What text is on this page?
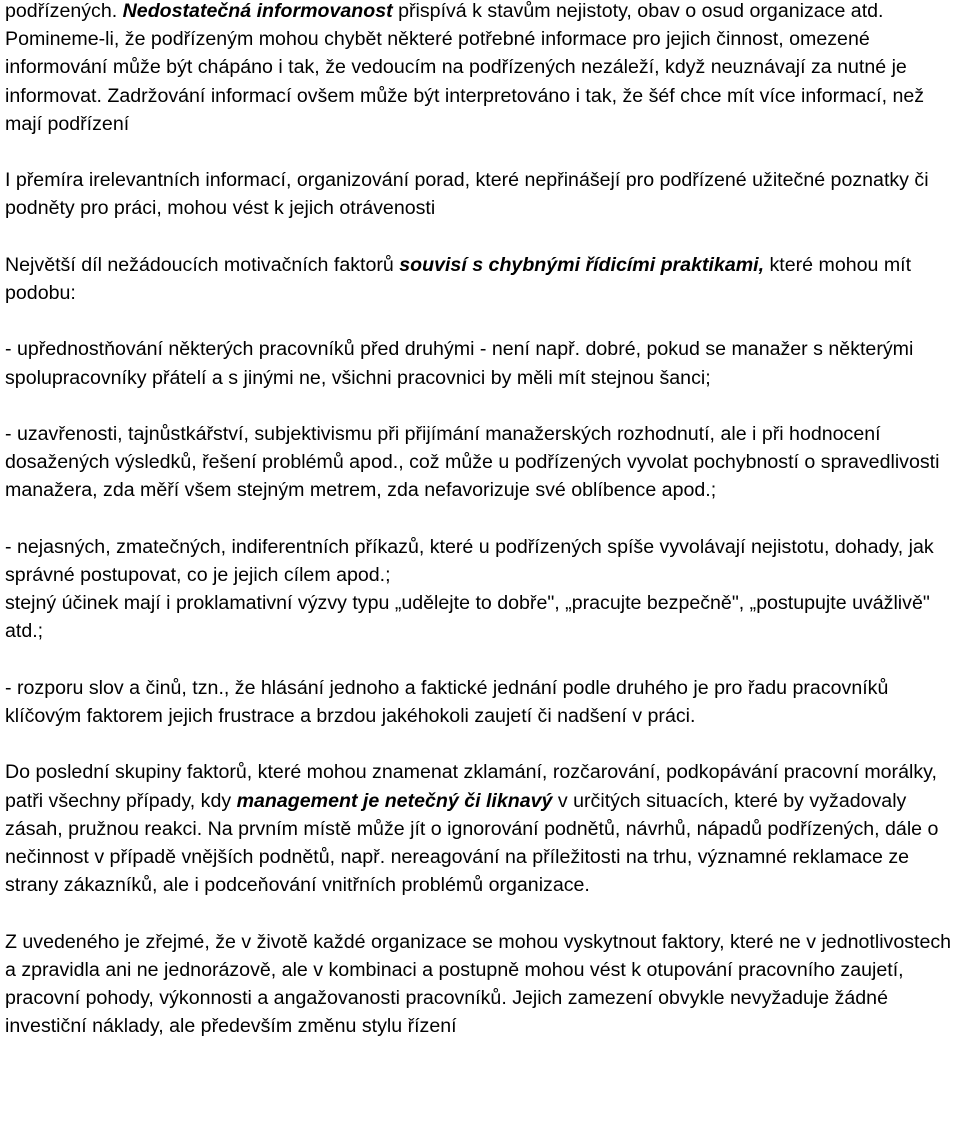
podřízených. Nedostatečná informovanost přispívá k stavům nejistoty, obav o osud organizace atd. Pomineme-li, že podřízeným mohou chybět některé potřebné informace pro jejich činnost, omezené informování může být chápáno i tak, že vedoucím na podřízených nezáleží, když neuznávají za nutné je informovat. Zadržování informací ovšem může být interpretováno i tak, že šéf chce mít více informací, než mají podřízení

I přemíra irelevantních informací, organizování porad, které nepřinášejí pro podřízené užitečné poznatky či podněty pro práci, mohou vést k jejich otrávenosti

Největší díl nežádoucích motivačních faktorů souvisí s chybnými řídicími praktikami, které mohou mít podobu:

- upřednostňování některých pracovníků před druhými - není např. dobré, pokud se manažer s některými spolupracovníky přátelí a s jinými ne, všichni pracovnici by měli mít stejnou šanci;

- uzavřenosti, tajnůstkářství, subjektivismu při přijímání manažerských rozhodnutí, ale i při hodnocení dosažených výsledků, řešení problémů apod., což může u podřízených vyvolat pochybností o spravedlivosti manažera, zda měří všem stejným metrem, zda nefavorizuje své oblíbence apod.;

- nejasných, zmatečných, indiferentních příkazů, které u podřízených spíše vyvolávají nejistotu, dohady, jak správné postupovat, co je jejich cílem apod.;

stejný účinek mají i proklamativní výzvy typu „udělejte to dobře", „pracujte bezpečně", „postupujte uvážlivě" atd.;

- rozporu slov a činů, tzn., že hlásání jednoho a faktické jednání podle druhého je pro řadu pracovníků klíčovým faktorem jejich frustrace a brzdou jakéhokoli zaujetí či nadšení v práci.

Do poslední skupiny faktorů, které mohou znamenat zklamání, rozčarování, podkopávání pracovní morálky, patři všechny případy, kdy management je netečný či liknavý v určitých situacích, které by vyžadovaly zásah, pružnou reakci. Na prvním místě může jít o ignorování podnětů, návrhů, nápadů podřízených, dále o nečinnost v případě vnějších podnětů, např. nereagování na příležitosti na trhu, významné reklamace ze strany zákazníků, ale i podceňování vnitřních problémů organizace.

Z uvedeného je zřejmé, že v životě každé organizace se mohou vyskytnout faktory, které ne v jednotlivostech a zpravidla ani ne jednorázově, ale v kombinaci a postupně mohou vést k otupování pracovního zaujetí, pracovní pohody, výkonnosti a angažovanosti pracovníků. Jejich zamezení obvykle nevyžaduje žádné investiční náklady, ale především změnu stylu řízení
